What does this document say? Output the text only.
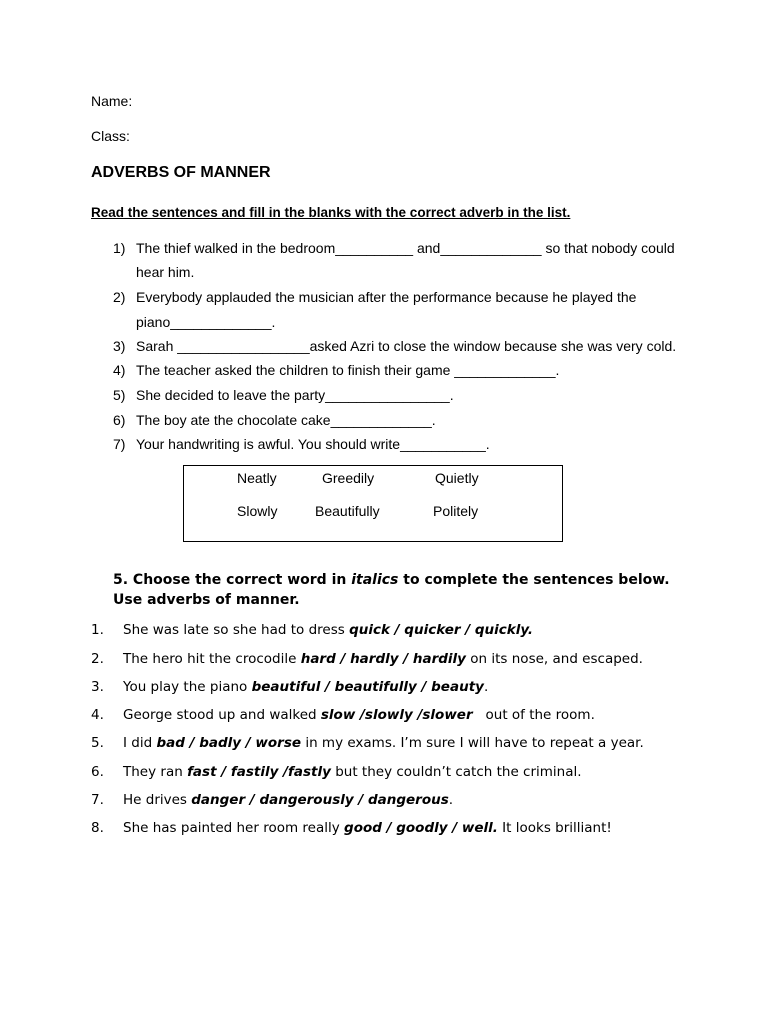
Name:
Class:
ADVERBS OF MANNER
Read the sentences and fill in the blanks with the correct adverb in the list.
1) The thief walked in the bedroom__________ and_____________ so that nobody could
hear him.
2) Everybody applauded the musician after the performance because he played the
piano_____________.
3) Sarah _________________asked Azri to close the window because she was very cold.
4) The teacher asked the children to finish their game _____________.
5) She decided to leave the party________________.
6) The boy ate the chocolate cake_____________.
7) Your handwriting is awful. You should write___________.
Neatly	Greedily	Quietly
Slowly	Beautifully	Politely
5. Choose the correct word in italics to complete the sentences below.
Use adverbs of manner.
1. She was late so she had to dress quick / quicker / quickly.
2. The hero hit the crocodile hard / hardly / hardily on its nose, and escaped.
3. You play the piano beautiful / beautifully / beauty.
4. George stood up and walked slow /slowly /slower   out of the room.
5. I did bad / badly / worse in my exams. I’m sure I will have to repeat a year.
6. They ran fast / fastily /fastly but they couldn’t catch the criminal.
7. He drives danger / dangerously / dangerous.
8. She has painted her room really good / goodly / well. It looks brilliant!
